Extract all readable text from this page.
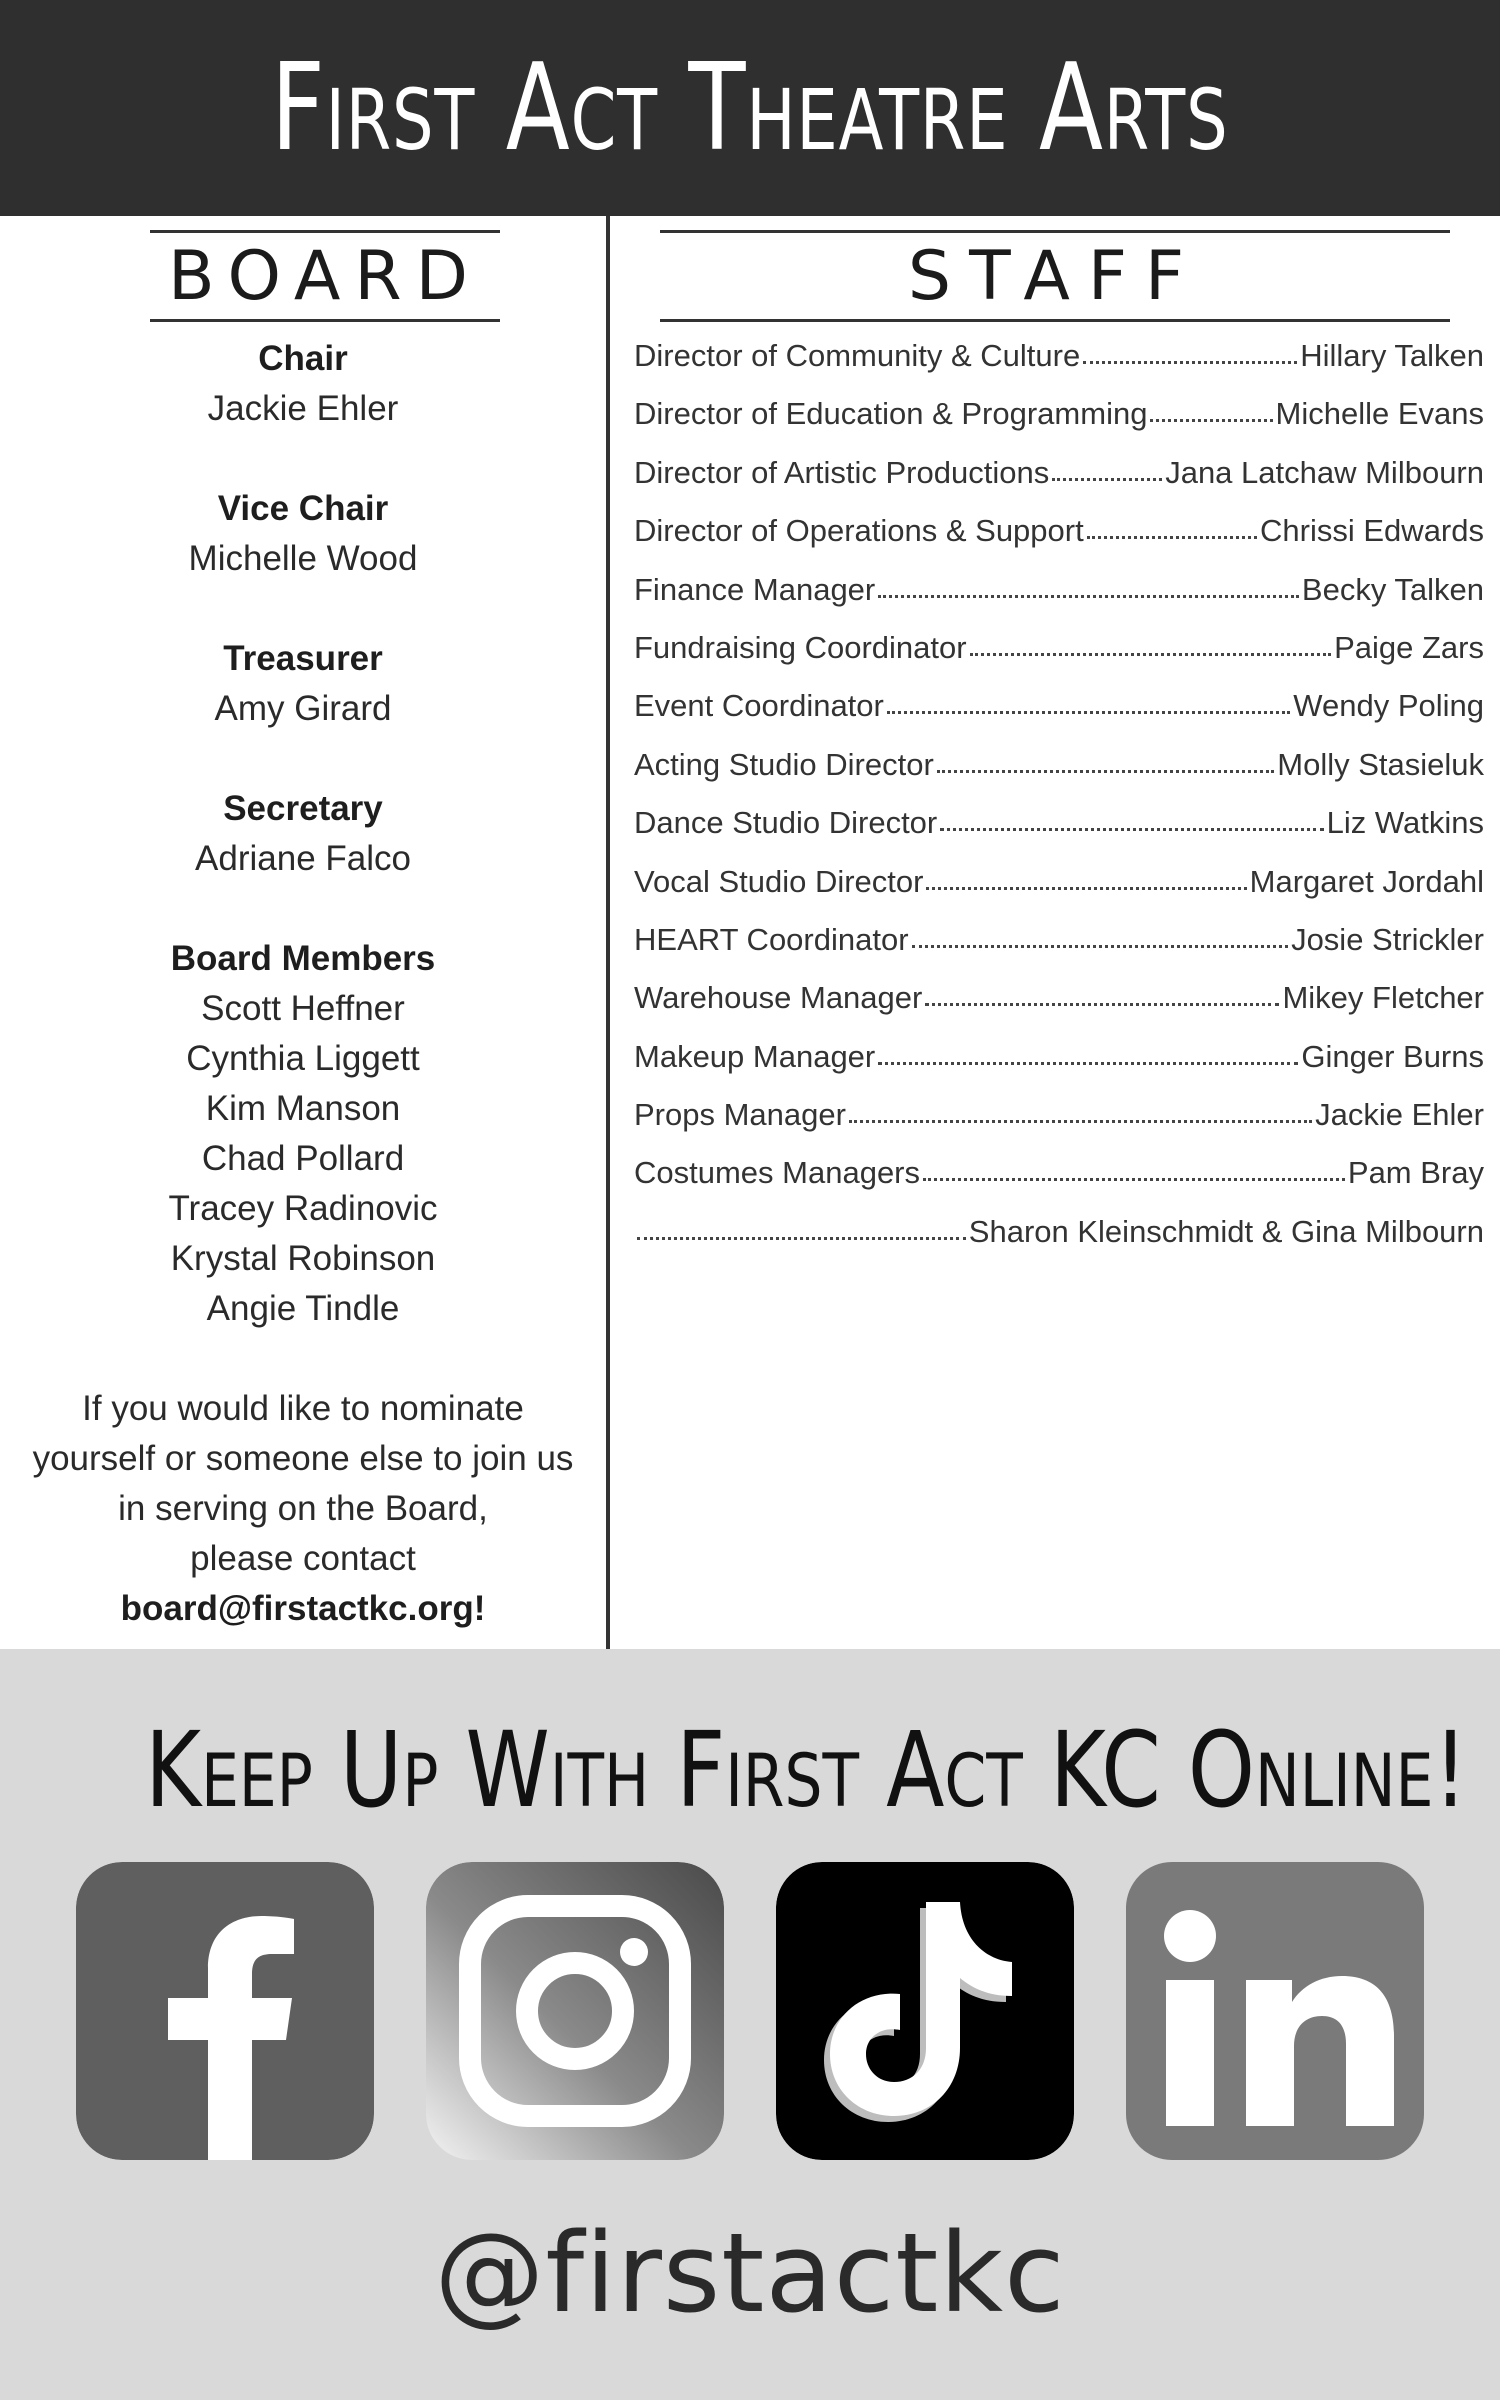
First Act Theatre Arts
BOARD
Chair
Jackie Ehler
Vice Chair
Michelle Wood
Treasurer
Amy Girard
Secretary
Adriane Falco
Board Members
Scott Heffner
Cynthia Liggett
Kim Manson
Chad Pollard
Tracey Radinovic
Krystal Robinson
Angie Tindle
If you would like to nominate
yourself or someone else to join us
in serving on the Board,
please contact
board@firstactkc.org!
STAFF
Director of Community & Culture	Hillary Talken
Director of Education & Programming	Michelle Evans
Director of Artistic Productions	Jana Latchaw Milbourn
Director of Operations & Support	Chrissi Edwards
Finance Manager	Becky Talken
Fundraising Coordinator	Paige Zars
Event Coordinator	Wendy Poling
Acting Studio Director	Molly Stasieluk
Dance Studio Director	Liz Watkins
Vocal Studio Director	Margaret Jordahl
HEART Coordinator	Josie Strickler
Warehouse Manager	Mikey Fletcher
Makeup Manager	Ginger Burns
Props Manager	Jackie Ehler
Costumes Managers	Pam Bray
Sharon Kleinschmidt & Gina Milbourn
Keep Up With First Act KC Online!
@firstactkc
